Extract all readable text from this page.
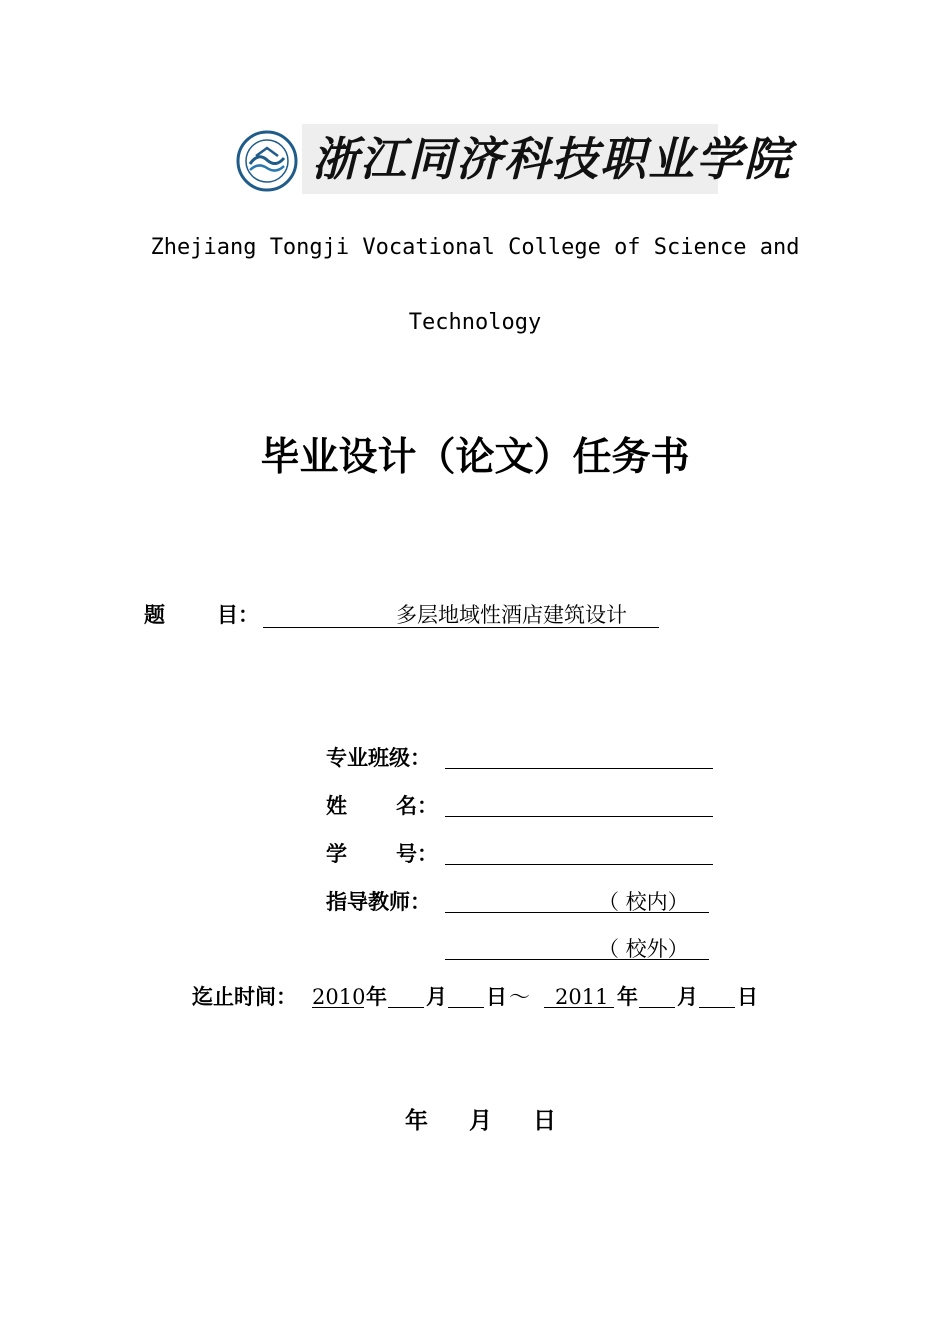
浙江同济科技职业学院
Zhejiang Tongji Vocational College of Science and
Technology
毕业设计（论文）任务书
题 目：	多层地域性酒店建筑设计
专业班级：
姓 名：
学 号：
指导教师：	（ 校内）
（ 校外）
迄止时间： 2010 年 月 日 ～ 2011 年 月 日
年 月 日
